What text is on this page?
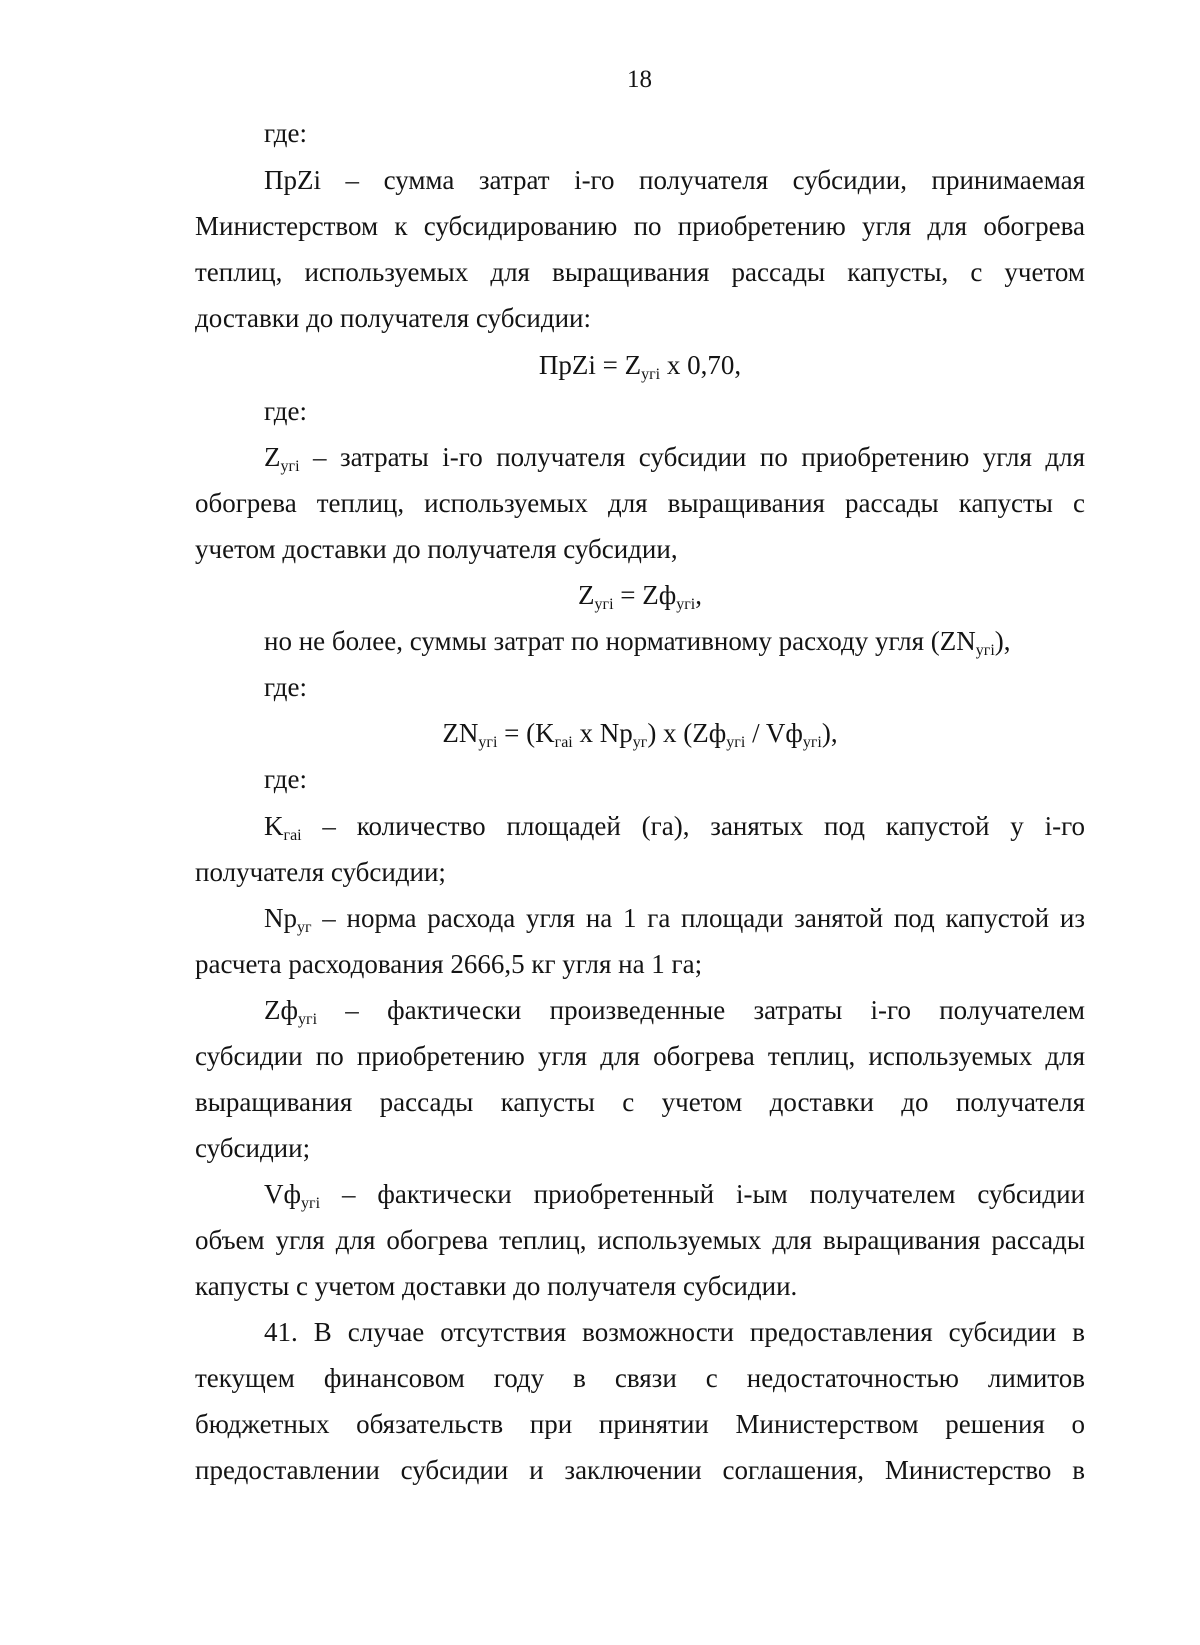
18
где:
ПрZi – сумма затрат i-го получателя субсидии, принимаемая
Министерством к субсидированию по приобретению угля для обогрева
теплиц, используемых для выращивания рассады капусты, с учетом
доставки до получателя субсидии:
ПрZi = $Z_{угi}$ х 0,70,
где:
$Z_{угi}$ – затраты i-го получателя субсидии по приобретению угля для
обогрева теплиц, используемых для выращивания рассады капусты с
учетом доставки до получателя субсидии,
$Z_{угi} = Zф_{угi}$,
но не более, суммы затрат по нормативному расходу угля $(ZN_{угi})$,
где:
$ZN_{угi} = (K_{гаi}$ х $Np_{уг}$) х $(Zф_{угi} / Vф_{угi})$,
где:
$K_{гаi}$ – количество площадей (га), занятых под капустой у i-го
получателя субсидии;
$Np_{уг}$ – норма расхода угля на 1 га площади занятой под капустой из
расчета расходования 2666,5 кг угля на 1 га;
$Zф_{угi}$ – фактически произведенные затраты i-го получателем
субсидии по приобретению угля для обогрева теплиц, используемых для
выращивания рассады капусты с учетом доставки до получателя
субсидии;
$Vф_{угi}$ – фактически приобретенный i-ым получателем субсидии
объем угля для обогрева теплиц, используемых для выращивания рассады
капусты с учетом доставки до получателя субсидии.
41. В случае отсутствия возможности предоставления субсидии в
текущем финансовом году в связи с недостаточностью лимитов
бюджетных обязательств при принятии Министерством решения о
предоставлении субсидии и заключении соглашения, Министерство в
